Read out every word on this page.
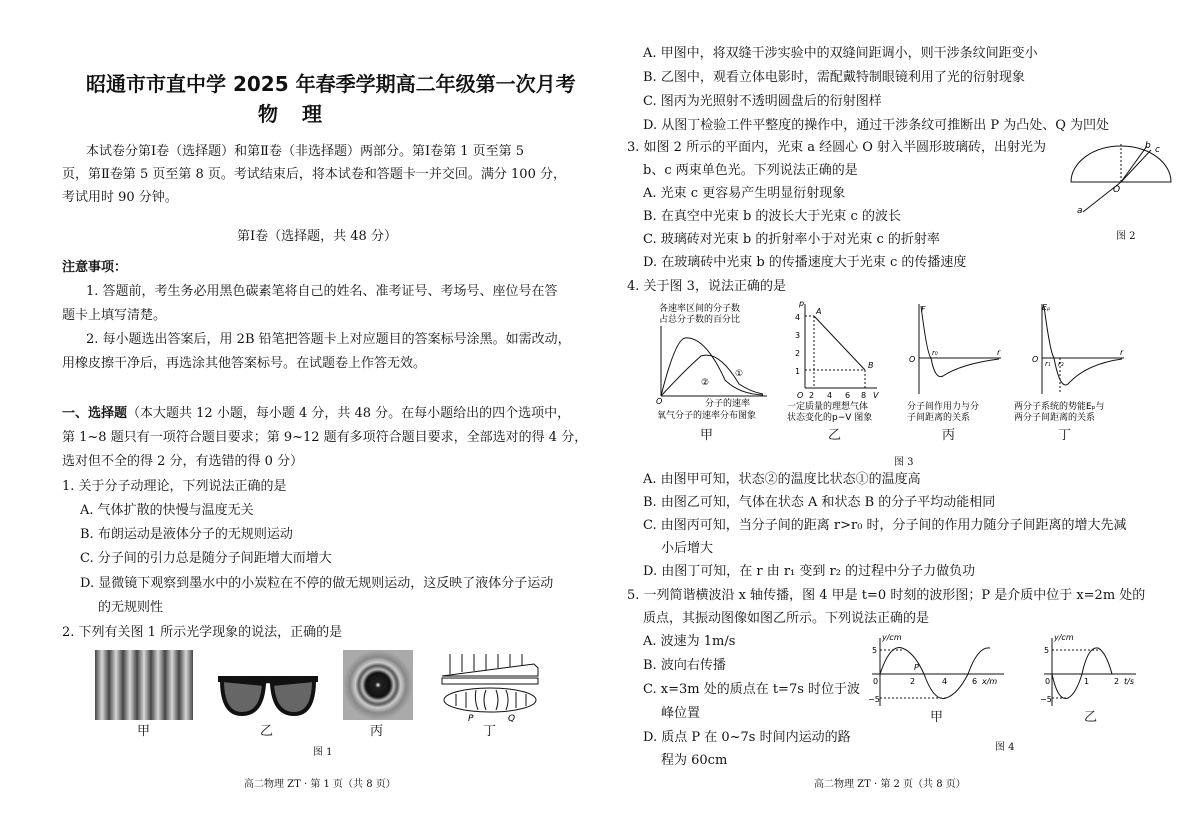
昭通市市直中学 2025 年春季学期高二年级第一次月考
物理
本试卷分第Ⅰ卷（选择题）和第Ⅱ卷（非选择题）两部分。第Ⅰ卷第 1 页至第 5
页，第Ⅱ卷第 5 页至第 8 页。考试结束后，将本试卷和答题卡一并交回。满分 100 分，
考试用时 90 分钟。
第Ⅰ卷（选择题，共 48 分）
注意事项：
1. 答题前，考生务必用黑色碳素笔将自己的姓名、准考证号、考场号、座位号在答
题卡上填写清楚。
2. 每小题选出答案后，用 2B 铅笔把答题卡上对应题目的答案标号涂黑。如需改动，
用橡皮擦干净后，再选涂其他答案标号。在试题卷上作答无效。
一、选择题（本大题共 12 小题，每小题 4 分，共 48 分。在每小题给出的四个选项中，
第 1~8 题只有一项符合题目要求；第 9~12 题有多项符合题目要求，全部选对的得 4 分，
选对但不全的得 2 分，有选错的得 0 分）
1. 关于分子动理论，下列说法正确的是
A. 气体扩散的快慢与温度无关
B. 布朗运动是液体分子的无规则运动
C. 分子间的引力总是随分子间距增大而增大
D. 显微镜下观察到墨水中的小炭粒在不停的做无规则运动，这反映了液体分子运动
的无规则性
2. 下列有关图 1 所示光学现象的说法，正确的是
P	Q
甲	乙	丙	丁
图 1
高二物理 ZT · 第 1 页（共 8 页）
A. 甲图中，将双缝干涉实验中的双缝间距调小，则干涉条纹间距变小
B. 乙图中，观看立体电影时，需配戴特制眼镜利用了光的衍射现象
C. 图丙为光照射不透明圆盘后的衍射图样
D. 从图丁检验工件平整度的操作中，通过干涉条纹可推断出 P 为凸处、Q 为凹处
3. 如图 2 所示的平面内，光束 a 经圆心 O 射入半圆形玻璃砖，出射光为
b、c 两束单色光。下列说法正确的是
A. 光束 c 更容易产生明显衍射现象
B. 在真空中光束 b 的波长大于光束 c 的波长
C. 玻璃砖对光束 b 的折射率小于对光束 c 的折射率
D. 在玻璃砖中光束 b 的传播速度大于光束 c 的传播速度
a
b c
O
图 2
4. 关于图 3，说法正确的是
各速率区间的分子数
占总分子数的百分比
①
②
O	分子的速率
氧气分子的速率分布图象
p
4
3
2
1
2 4 6 8 V
O
A
B
一定质量的理想气体
状态变化的p−V 图象
F
O
r₀	r
分子间作用力与分
子间距离的关系
Eₚ
O r₁ r₂
r
两分子系统的势能Eₚ与
两分子间距离的关系
甲	乙	丙	丁
图 3
A. 由图甲可知，状态②的温度比状态①的温度高
B. 由图乙可知，气体在状态 A 和状态 B 的分子平均动能相同
C. 由图丙可知，当分子间的距离 r>r₀ 时，分子间的作用力随分子间距离的增大先减
小后增大
D. 由图丁可知，在 r 由 r₁ 变到 r₂ 的过程中分子力做负功
5. 一列简谐横波沿 x 轴传播，图 4 甲是 t=0 时刻的波形图；P 是介质中位于 x=2m 处的
质点，其振动图像如图乙所示。下列说法正确的是
A. 波速为 1m/s
B. 波向右传播
C. x=3m 处的质点在 t=7s 时位于波
峰位置
D. 质点 P 在 0~7s 时间内运动的路
程为 60cm
y/cm
5
−5
0	2	4	6 x/m
P
y/cm
5
−5
0	1	2 t/s
甲	乙
图 4
高二物理 ZT · 第 2 页（共 8 页）
